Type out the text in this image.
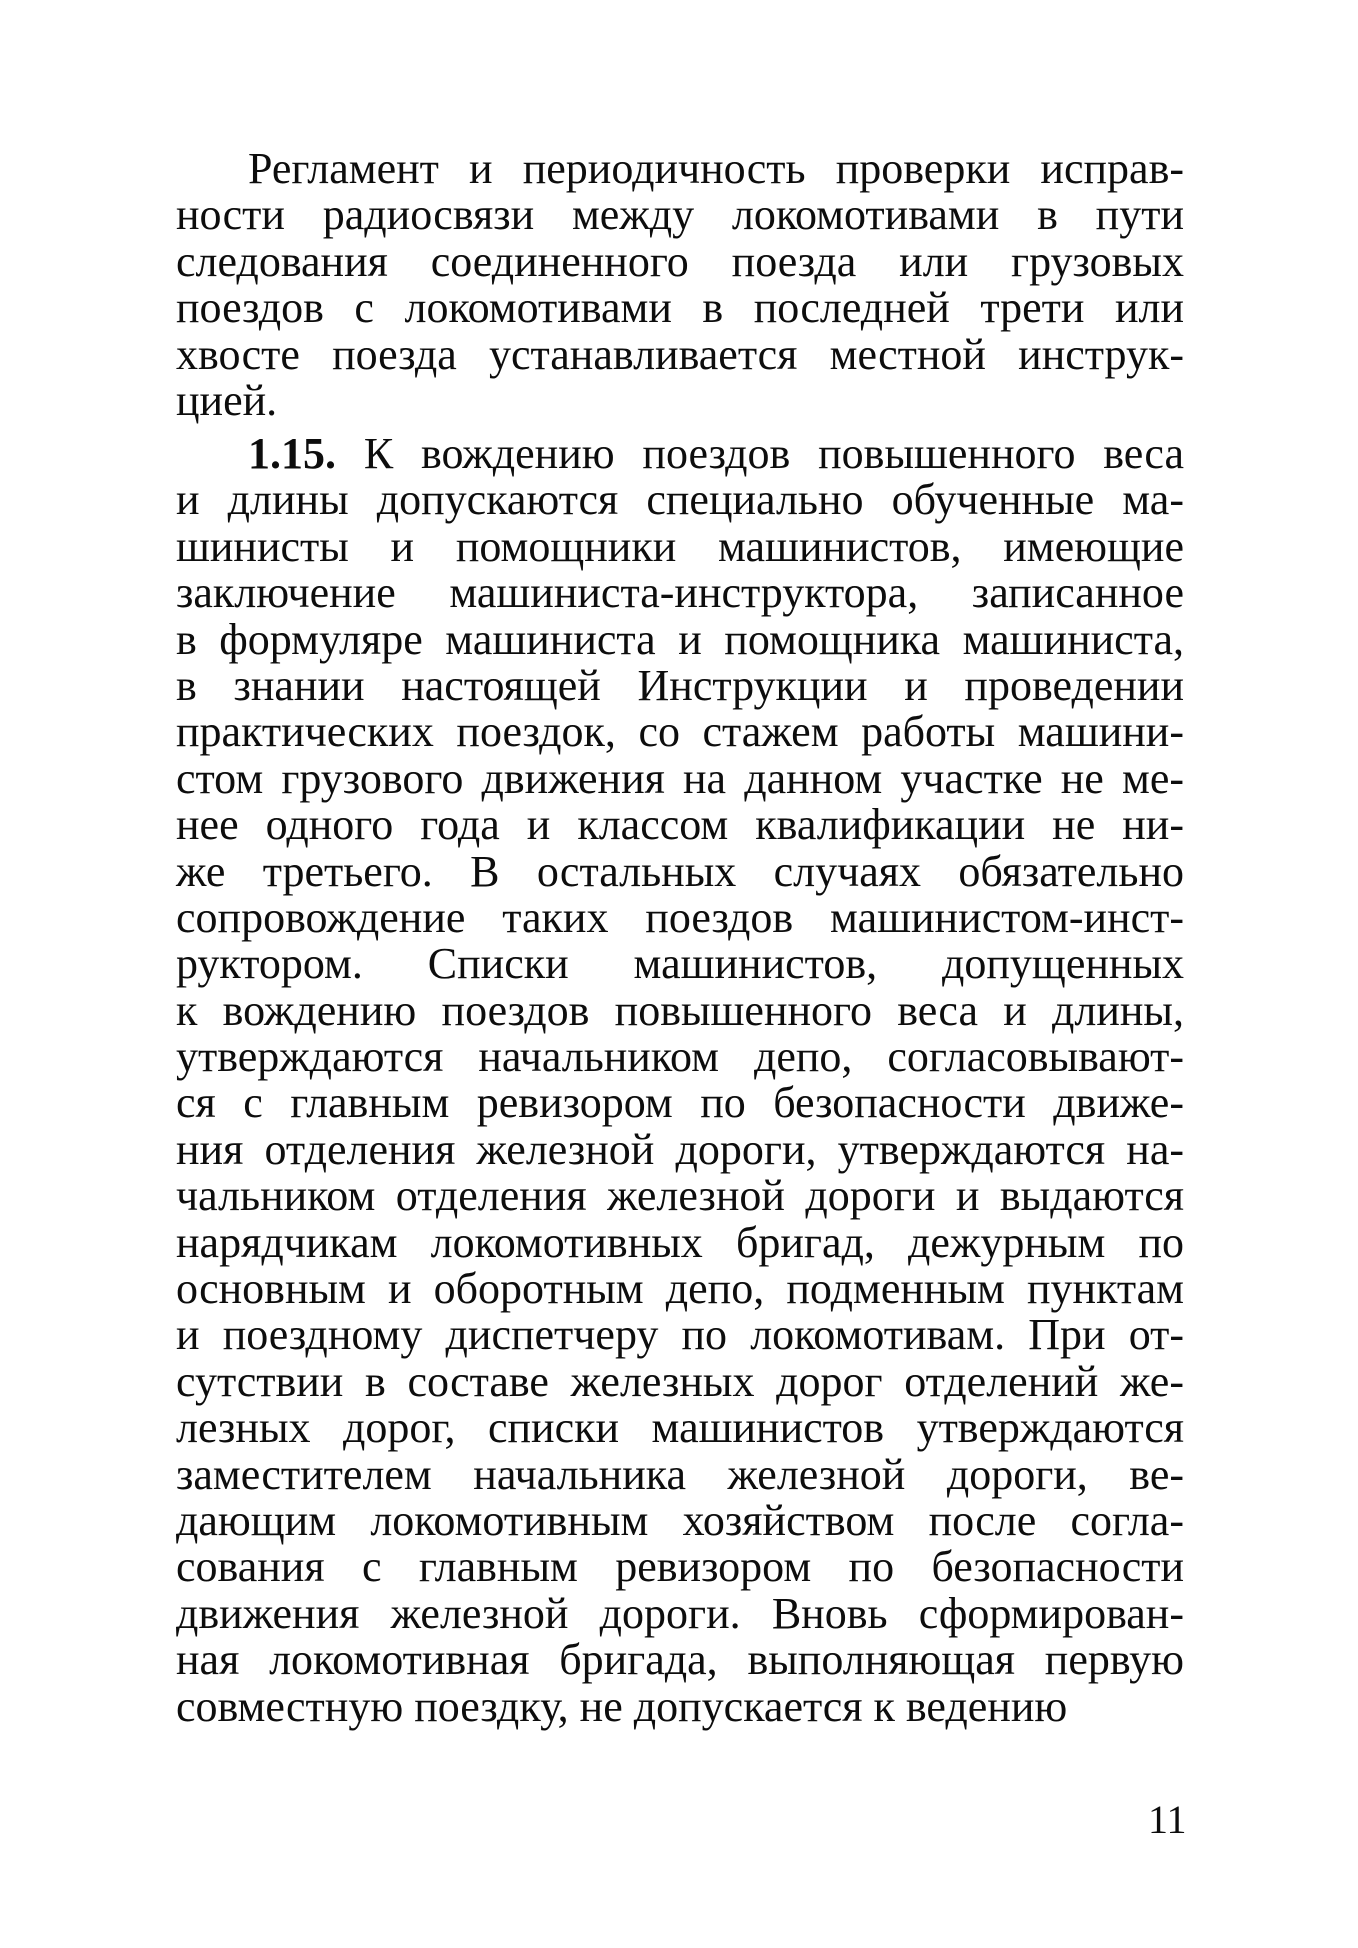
Регламент и периодичность проверки исправ-
ности радиосвязи между локомотивами в пути
следования соединенного поезда или грузовых
поездов с локомотивами в последней трети или
хвосте поезда устанавливается местной инструк-
цией.
1.15. К вождению поездов повышенного веса
и длины допускаются специально обученные ма-
шинисты и помощники машинистов, имеющие
заключение машиниста-инструктора, записанное
в формуляре машиниста и помощника машиниста,
в знании настоящей Инструкции и проведении
практических поездок, со стажем работы машини-
стом грузового движения на данном участке не ме-
нее одного года и классом квалификации не ни-
же третьего. В остальных случаях обязательно
сопровождение таких поездов машинистом-инст-
руктором. Списки машинистов, допущенных
к вождению поездов повышенного веса и длины,
утверждаются начальником депо, согласовывают-
ся с главным ревизором по безопасности движе-
ния отделения железной дороги, утверждаются на-
чальником отделения железной дороги и выдаются
нарядчикам локомотивных бригад, дежурным по
основным и оборотным депо, подменным пунктам
и поездному диспетчеру по локомотивам. При от-
сутствии в составе железных дорог отделений же-
лезных дорог, списки машинистов утверждаются
заместителем начальника железной дороги, ве-
дающим локомотивным хозяйством после согла-
сования с главным ревизором по безопасности
движения железной дороги. Вновь сформирован-
ная локомотивная бригада, выполняющая первую
совместную поездку, не допускается к ведению
11
